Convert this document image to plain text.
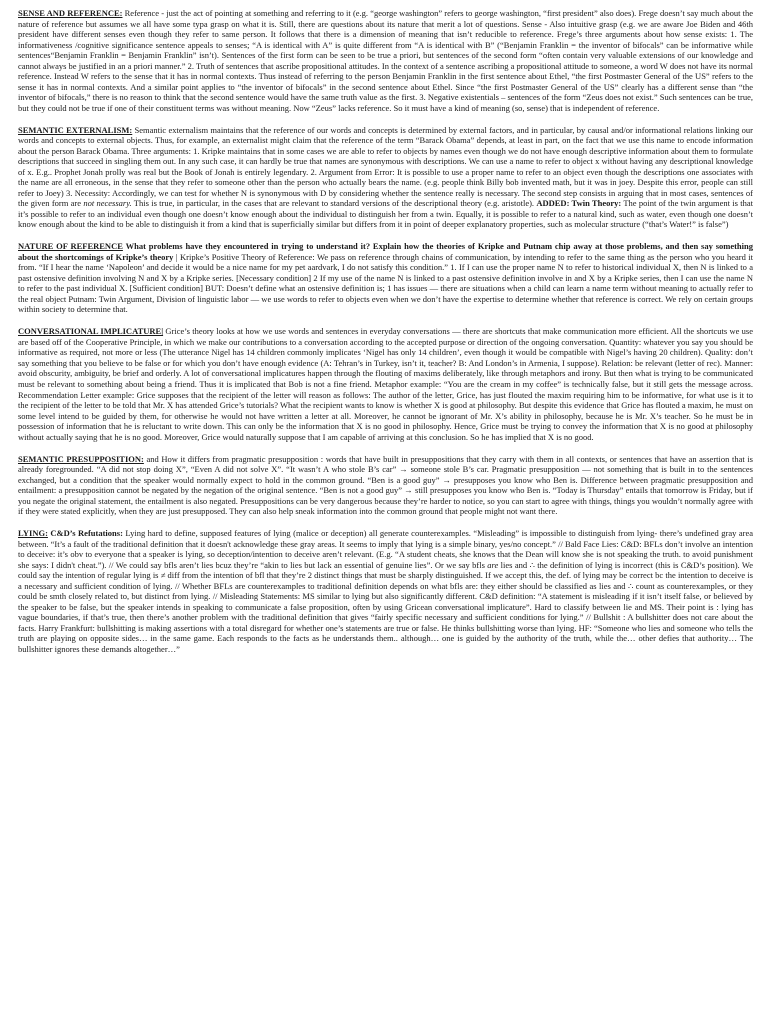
SENSE AND REFERENCE: Reference - just the act of pointing at something and referring to it (e.g. “george washington” refers to george washington, “first president” also does). Frege doesn’t say much about the nature of reference but assumes we all have some typa grasp on what it is. Still, there are questions about its nature that merit a lot of questions. Sense - Also intuitive grasp (e.g. we are aware Joe Biden and 46th president have different senses even though they refer to same person. It follows that there is a dimension of meaning that isn’t reducible to reference. Frege’s three arguments about how sense exists: 1. The informativeness /cognitive significance sentence appeals to senses; “A is identical with A” is quite different from “A is identical with B” (“Benjamin Franklin = the inventor of bifocals” can be informative while sentences“Benjamin Franklin = Benjamin Franklin” isn’t). Sentences of the first form can be seen to be true a priori, but sentences of the second form “often contain very valuable extensions of our knowledge and cannot always be justified in an a priori manner.” 2. Truth of sentences that ascribe propositional attitudes. In the context of a sentence ascribing a propositional attitude to someone, a word W does not have its normal reference. Instead W refers to the sense that it has in normal contexts. Thus instead of referring to the person Benjamin Franklin in the first sentence about Ethel, “the first Postmaster General of the US” refers to the sense it has in normal contexts. And a similar point applies to “the inventor of bifocals” in the second sentence about Ethel. Since “the first Postmaster General of the US” clearly has a different sense than “the inventor of bifocals,” there is no reason to think that the second sentence would have the same truth value as the first. 3. Negative existentials – sentences of the form “Zeus does not exist.” Such sentences can be true, but they could not be true if one of their constituent terms was without meaning. Now “Zeus” lacks reference. So it must have a kind of meaning (so, sense) that is independent of reference.

SEMANTIC EXTERNALISM: Semantic externalism maintains that the reference of our words and concepts is determined by external factors, and in particular, by causal and/or informational relations linking our words and concepts to external objects. Thus, for example, an externalist might claim that the reference of the term “Barack Obama” depends, at least in part, on the fact that we use this name to encode information about the person Barack Obama. Three arguments: 1. Kripke maintains that in some cases we are able to refer to objects by names even though we do not have enough descriptive information about them to formulate descriptions that succeed in singling them out. In any such case, it can hardly be true that names are synonymous with descriptions. We can use a name to refer to object x without having any descriptional knowledge of x. E.g.. Prophet Jonah prolly was real but the Book of Jonah is entirely legendary. 2. Argument from Error: It is possible to use a proper name to refer to an object even though the descriptions one associates with the name are all erroneous, in the sense that they refer to someone other than the person who actually bears the name. (e.g. people think Billy bob invented math, but it was in joey. Despite this error, people can still refer to Joey) 3. Necessity: Accordingly, we can test for whether N is synonymous with D by considering whether the sentence really is necessary. The second step consists in arguing that in most cases, sentences of the given form are not necessary. This is true, in particular, in the cases that are relevant to standard versions of the descriptional theory (e.g. aristotle). ADDED: Twin Theory: The point of the twin argument is that it’s possible to refer to an individual even though one doesn’t know enough about the individual to distinguish her from a twin. Equally, it is possible to refer to a natural kind, such as water, even though one doesn’t know enough about the kind to be able to distinguish it from a kind that is superficially similar but differs from it in point of deeper explanatory properties, such as molecular structure (“that’s Water!” is false”)

NATURE OF REFERENCE What problems have they encountered in trying to understand it? Explain how the theories of Kripke and Putnam chip away at those problems, and then say something about the shortcomings of Kripke’s theory | Kripke’s Positive Theory of Reference: We pass on reference through chains of communication, by intending to refer to the same thing as the person who you heard it from. “If I hear the name ‘Napoleon’ and decide it would be a nice name for my pet aardvark, I do not satisfy this condition.” 1. If I can use the proper name N to refer to historical individual X, then N is linked to a past ostensive definition involving N and X by a Kripke series. [Necessary condition] 2 If my use of the name N is linked to a past ostensive definition involve in and X by a Kripke series, then I can use the name N to refer to the past individual X. [Sufficient condition] BUT: Doesn’t define what an ostensive definition is; 1 has issues — there are situations when a child can learn a name term without meaning to actually refer to the real object Putnam: Twin Argument, Division of linguistic labor — we use words to refer to objects even when we don’t have the expertise to determine whether that reference is correct. We rely on certain groups within society to determine that.

CONVERSATIONAL IMPLICATURE| Grice’s theory looks at how we use words and sentences in everyday conversations — there are shortcuts that make communication more efficient. All the shortcuts we use are based off of the Cooperative Principle, in which we make our contributions to a conversation according to the accepted purpose or direction of the ongoing conversation. Quantity: whatever you say you should be informative as required, not more or less (The utterance Nigel has 14 children commonly implicates ‘Nigel has only 14 children’, even though it would be compatible with Nigel’s having 20 children). Quality: don’t say something that you believe to be false or for which you don’t have enough evidence (A: Tehran’s in Turkey, isn’t it, teacher? B: And London’s in Armenia, I suppose). Relation: be relevant (letter of rec). Manner: avoid obscurity, ambiguity, be brief and orderly. A lot of conversational implicatures happen through the flouting of maxims deliberately, like through metaphors and irony. But then what is trying to be communicated must be relevant to something about being a friend. Thus it is implicated that Bob is not a fine friend. Metaphor example: “You are the cream in my coffee” is technically false, but it still gets the message across. Recommendation Letter example: Grice supposes that the recipient of the letter will reason as follows: The author of the letter, Grice, has just flouted the maxim requiring him to be informative, for what use is it to the recipient of the letter to be told that Mr. X has attended Grice’s tutorials? What the recipient wants to know is whether X is good at philosophy. But despite this evidence that Grice has flouted a maxim, he must on some level intend to be guided by them, for otherwise he would not have written a letter at all. Moreover, he cannot be ignorant of Mr. X’s ability in philosophy, because he is Mr. X’s teacher. So he must be in possession of information that he is reluctant to write down. This can only be the information that X is no good in philosophy. Hence, Grice must be trying to convey the information that X is no good at philosophy without actually saying that he is no good. Moreover, Grice would naturally suppose that I am capable of arriving at this conclusion. So he has implied that X is no good.

SEMANTIC PRESUPPOSITION: and How it differs from pragmatic presupposition : words that have built in presuppositions that they carry with them in all contexts, or sentences that have an assertion that is already foregrounded. “A did not stop doing X”, “Even A did not solve X”. “It wasn’t A who stole B’s car” → someone stole B’s car. Pragmatic presupposition — not something that is built in to the sentences exchanged, but a condition that the speaker would normally expect to hold in the common ground. “Ben is a good guy” → presupposes you know who Ben is. Difference between pragmatic presupposition and entailment: a presupposition cannot be negated by the negation of the original sentence. “Ben is not a good guy” → still presupposes you know who Ben is. “Today is Thursday” entails that tomorrow is Friday, but if you negate the original statement, the entailment is also negated. Presuppositions can be very dangerous because they’re harder to notice, so you can start to agree with things, things you wouldn’t normally agree with if they were stated explicitly, when they are just presupposed. They can also help sneak information into the common ground that people might not want there.

LYING: C&D’s Refutations: Lying hard to define, supposed features of lying (malice or deception) all generate counterexamples. “Misleading” is impossible to distinguish from lying- there’s undefined gray area between. “It’s a fault of the traditional definition that it doesn't acknowledge these gray areas. It seems to imply that lying is a simple binary, yes/no concept.” // Bald Face Lies: C&D: BFLs don’t involve an intention to deceive: it’s obv to everyone that a speaker is lying, so deception/intention to deceive aren’t relevant. (E.g. “A student cheats, she knows that the Dean will know she is not speaking the truth. to avoid punishment she says: I didn't cheat.”). // We could say bfls aren’t lies bcuz they’re “akin to lies but lack an essential of genuine lies”. Or we say bfls are lies and ∴ the definition of lying is incorrect (this is C&D’s position). We could say the intention of regular lying is ≠ diff from the intention of bfl that they’re 2 distinct things that must be sharply distinguished. If we accept this, the def. of lying may be correct bc the intention to deceive is a necessary and sufficient condition of lying. // Whether BFLs are counterexamples to traditional definition depends on what bfls are: they either should be classified as lies and ∴ count as counterexamples, or they could be smth closely related to, but distinct from lying. // Misleading Statements: MS similar to lying but also significantly different. C&D definition: “A statement is misleading if it isn’t itself false, or believed by the speaker to be false, but the speaker intends in speaking to communicate a false proposition, often by using Gricean conversational implicature”. Hard to classify between lie and MS. Their point is : lying has vague boundaries, if that’s true, then there’s another problem with the traditional definition that gives “fairly specific necessary and sufficient conditions for lying.” // Bullshit : A bullshitter does not care about the facts. Harry Frankfurt: bullshitting is making assertions with a total disregard for whether one’s statements are true or false. He thinks bullshitting worse than lying. HF: “Someone who lies and someone who tells the truth are playing on opposite sides… in the same game. Each responds to the facts as he understands them.. although… one is guided by the authority of the truth, while the… other defies that authority… The bullshitter ignores these demands altogether…”
